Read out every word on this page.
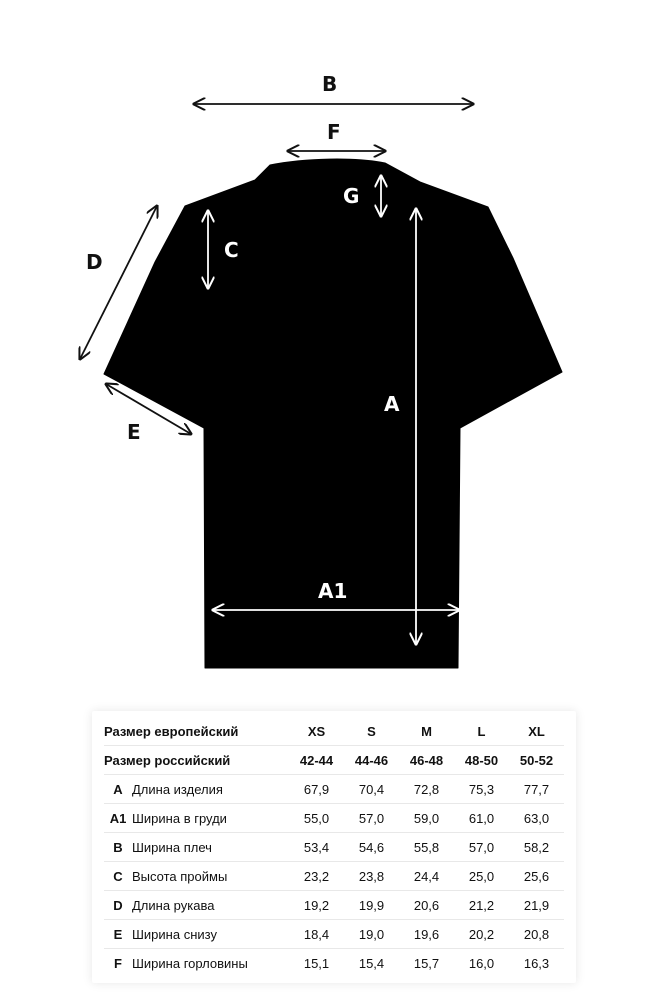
B
F
G
C
D
E
A
A1
Размер европейский		XS	S	M	L	XL
Размер российский		42-44	44-46	46-48	48-50	50-52
A	Длина изделия	67,9	70,4	72,8	75,3	77,7
A1	Ширина в груди	55,0	57,0	59,0	61,0	63,0
B	Ширина плеч	53,4	54,6	55,8	57,0	58,2
C	Высота проймы	23,2	23,8	24,4	25,0	25,6
D	Длина рукава	19,2	19,9	20,6	21,2	21,9
E	Ширина снизу	18,4	19,0	19,6	20,2	20,8
F	Ширина горловины	15,1	15,4	15,7	16,0	16,3
